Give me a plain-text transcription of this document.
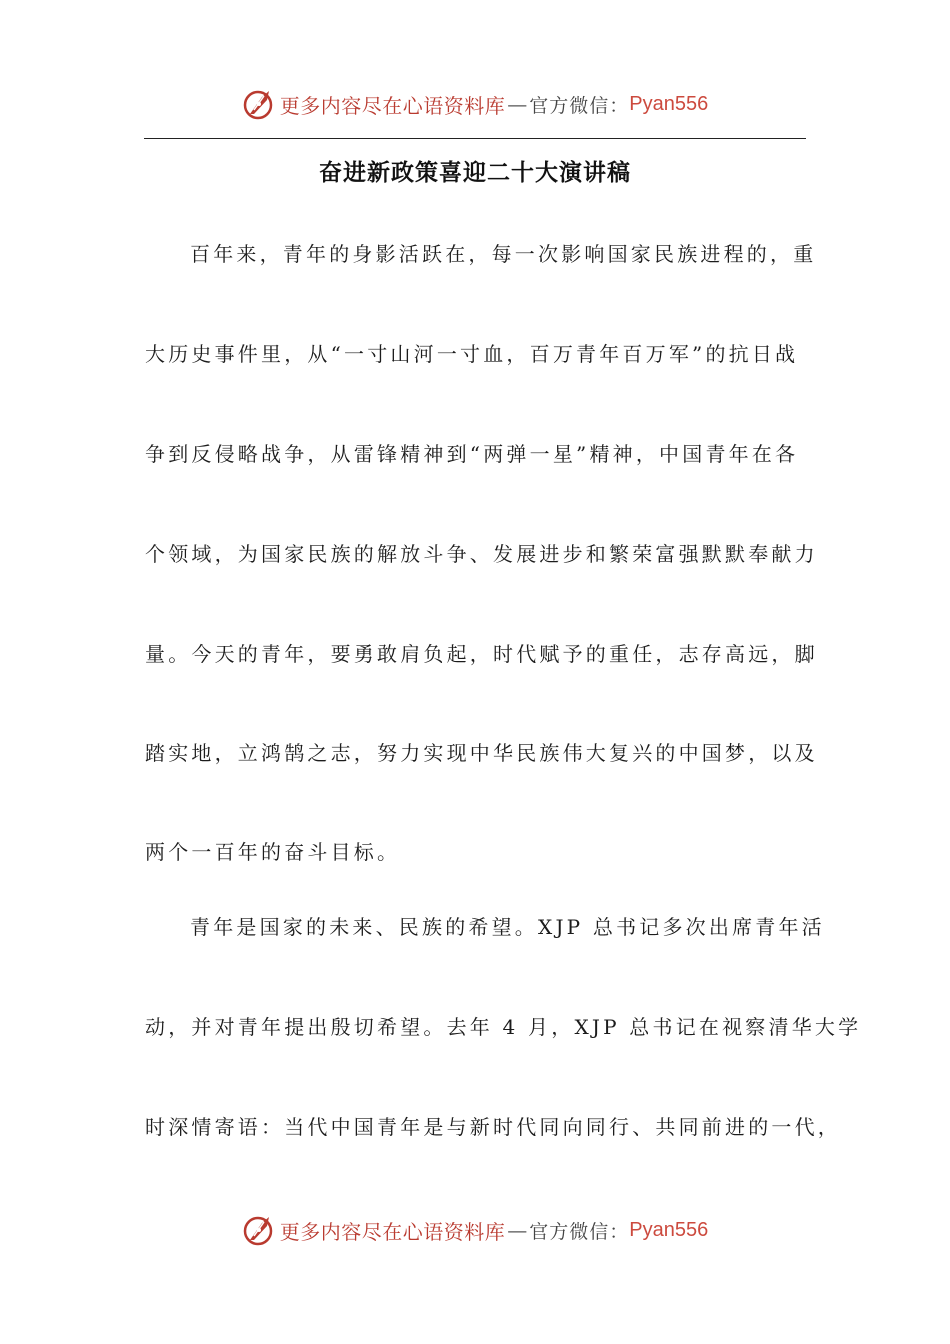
更多内容尽在心语资料库 — 官方微信： Pyan556
奋进新政策喜迎二十大演讲稿
百年来，青年的身影活跃在，每一次影响国家民族进程的，重
大历史事件里，从“一寸山河一寸血，百万青年百万军”的抗日战
争到反侵略战争，从雷锋精神到“两弹一星”精神，中国青年在各
个领域，为国家民族的解放斗争、发展进步和繁荣富强默默奉献力
量。今天的青年，要勇敢肩负起，时代赋予的重任，志存高远，脚
踏实地，立鸿鹄之志，努力实现中华民族伟大复兴的中国梦，以及
两个一百年的奋斗目标。
青年是国家的未来、民族的希望。XJP 总书记多次出席青年活
动，并对青年提出殷切希望。去年 4 月，XJP 总书记在视察清华大学
时深情寄语：当代中国青年是与新时代同向同行、共同前进的一代，
更多内容尽在心语资料库 — 官方微信： Pyan556
